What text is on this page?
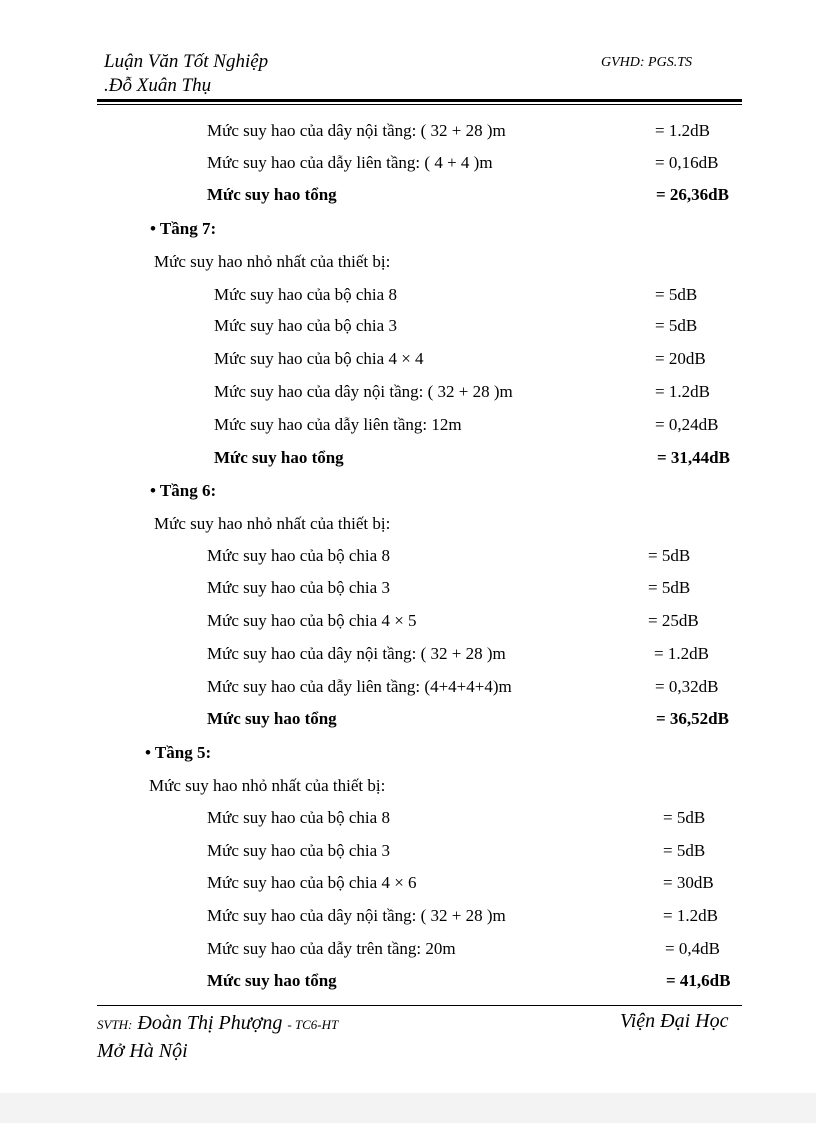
Luận Văn Tốt Nghiệp
.Đỗ Xuân Thụ
GVHD: PGS.TS
Mức suy hao của dây nội tầng: ( 32 + 28 )m	= 1.2dB
Mức suy hao của dẫy liên tầng: ( 4 + 4 )m	= 0,16dB
Mức suy hao tổng	= 26,36dB
• Tầng 7:
Mức suy hao nhỏ nhất của thiết bị:
Mức suy hao của bộ chia 8	= 5dB
Mức suy hao của bộ chia 3	= 5dB
Mức suy hao của bộ chia 4 × 4	= 20dB
Mức suy hao của dây nội tầng: ( 32 + 28 )m	= 1.2dB
Mức suy hao của dẫy liên tầng: 12m	= 0,24dB
Mức suy hao tổng	= 31,44dB
• Tầng 6:
Mức suy hao nhỏ nhất của thiết bị:
Mức suy hao của bộ chia 8	= 5dB
Mức suy hao của bộ chia 3	= 5dB
Mức suy hao của bộ chia 4 × 5	= 25dB
Mức suy hao của dây nội tầng: ( 32 + 28 )m	= 1.2dB
Mức suy hao của dẫy liên tầng: (4+4+4+4)m	= 0,32dB
Mức suy hao tổng	= 36,52dB
• Tầng 5:
Mức suy hao nhỏ nhất của thiết bị:
Mức suy hao của bộ chia 8	= 5dB
Mức suy hao của bộ chia 3	= 5dB
Mức suy hao của bộ chia 4 × 6	= 30dB
Mức suy hao của dây nội tầng: ( 32 + 28 )m	= 1.2dB
Mức suy hao của dẫy trên tầng: 20m	= 0,4dB
Mức suy hao tổng	= 41,6dB
SVTH: Đoàn Thị Phượng - TC6-HT
Mở Hà Nội
Viện Đại Học
